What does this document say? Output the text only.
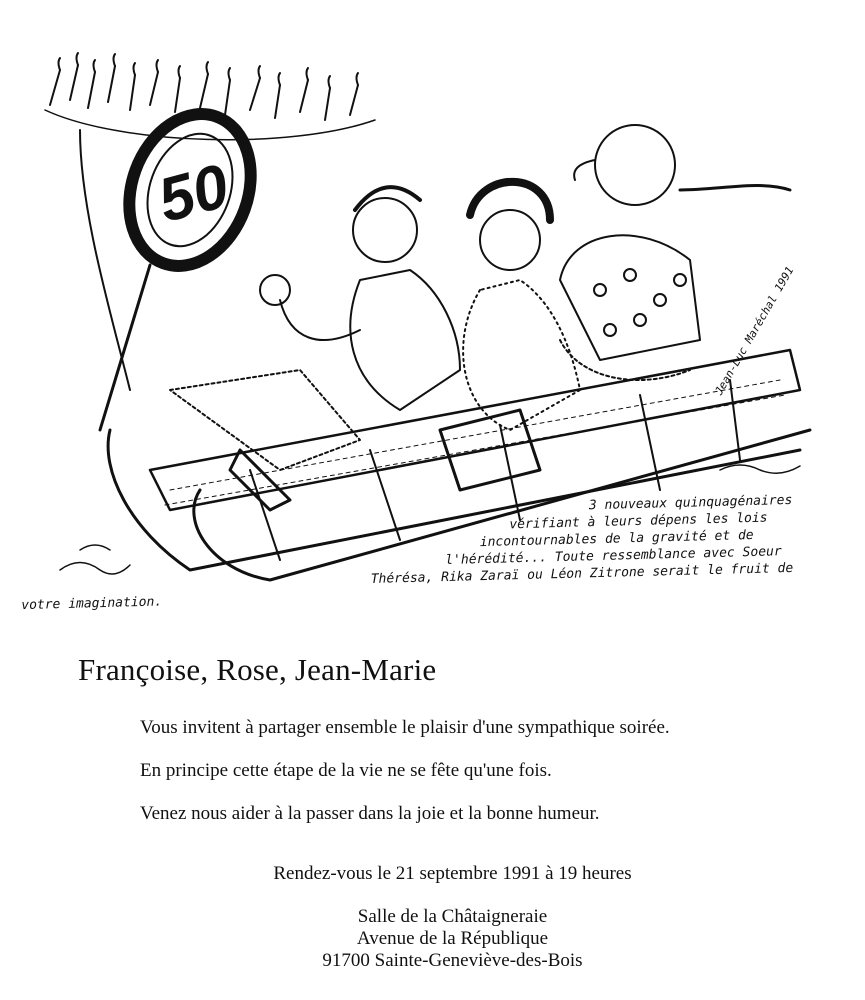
50
Jean-Luc Maréchal 1991
3 nouveaux quinquagénaires
vérifiant à leurs dépens les lois
incontournables de la gravité et de
l'hérédité... Toute ressemblance avec Soeur
Thérésa, Rika Zaraï ou Léon Zitrone serait le fruit de
votre imagination.
Françoise, Rose, Jean-Marie

Vous invitent à partager ensemble le plaisir d'une sympathique soirée.

En principe cette étape de la vie ne se fête qu'une fois.

Venez nous aider à la passer dans la joie et la bonne humeur.

Rendez-vous le 21 septembre 1991 à 19 heures
Salle de la Châtaigneraie
Avenue de la République
91700 Sainte-Geneviève-des-Bois
